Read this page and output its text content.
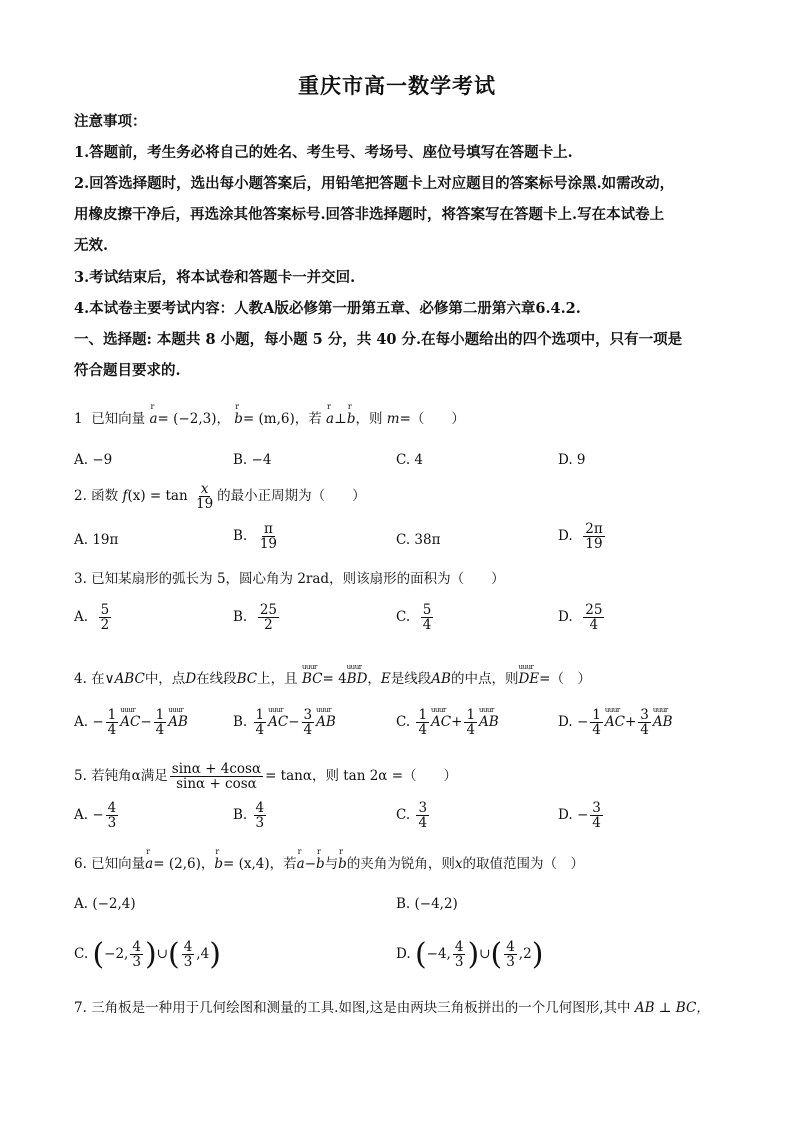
重庆市高一数学考试
注意事项：
1.答题前，考生务必将自己的姓名、考生号、考场号、座位号填写在答题卡上.
2.回答选择题时，选出每小题答案后，用铅笔把答题卡上对应题目的答案标号涂黑.如需改动，
用橡皮擦干净后，再选涂其他答案标号.回答非选择题时，将答案写在答题卡上.写在本试卷上
无效.
3.考试结束后，将本试卷和答题卡一并交回.
4.本试卷主要考试内容：人教A版必修第一册第五章、必修第二册第六章6.4.2.
一、选择题: 本题共 8 小题，每小题 5 分，共 40 分.在每小题给出的四个选项中，只有一项是
符合题目要求的.
1 已知向量 r a= (−2,3)， r b= (m,6)，若 r a⊥r b，则 m=（　　）
A. −9	B. −4	C. 4	D. 9
2. 函数 $f(x) = \tan \frac{x}{19}$ 的最小正周期为（　　）
A. 19π	B. $\frac{\pi}{19}$	C. 38π	D. $\frac{2\pi}{19}$
3. 已知某扇形的弧长为 5，圆心角为 2rad，则该扇形的面积为（　　）
A. $\frac{5}{2}$	B. $\frac{25}{2}$	C. $\frac{5}{4}$	D. $\frac{25}{4}$
4. 在∨ABC中，点D在线段BC上，且 uuur BC= 4uuur BD，E是线段AB的中点，则uuur DE=（　）
A. − $\frac{1}{4}$ uuur $AC- \frac{1}{4}$ uuur AB	B. $\frac{1}{4}$ uuur $AC- \frac{3}{4}$ uuur AB	C. $\frac{1}{4}$ uuur $AC+ \frac{1}{4}$ uuur AB	D. − $\frac{1}{4}$ uuur $AC+ \frac{3}{4}$ uuur AB
5. 若钝角α满足 $\frac{\sin\alpha + 4\cos\alpha}{\sin\alpha + \cos\alpha} = \tan\alpha$，则 tan 2α =（　　）
A. − $\frac{4}{3}$	B. $\frac{4}{3}$	C. $\frac{3}{4}$	D. − $\frac{3}{4}$
6. 已知向量r a= (2,6)，r b= (x,4)，若r a−r b与r b的夹角为锐角，则x的取值范围为（　）
A. (−2,4)	B. (−4,2)
C. (−2, $\frac{4}{3}$ )∪( $\frac{4}{3} ,4$)	D. (−4, $\frac{4}{3}$ )∪( $\frac{4}{3} ,2$)
7. 三角板是一种用于几何绘图和测量的工具.如图,这是由两块三角板拼出的一个几何图形,其中 AB ⊥ BC，
